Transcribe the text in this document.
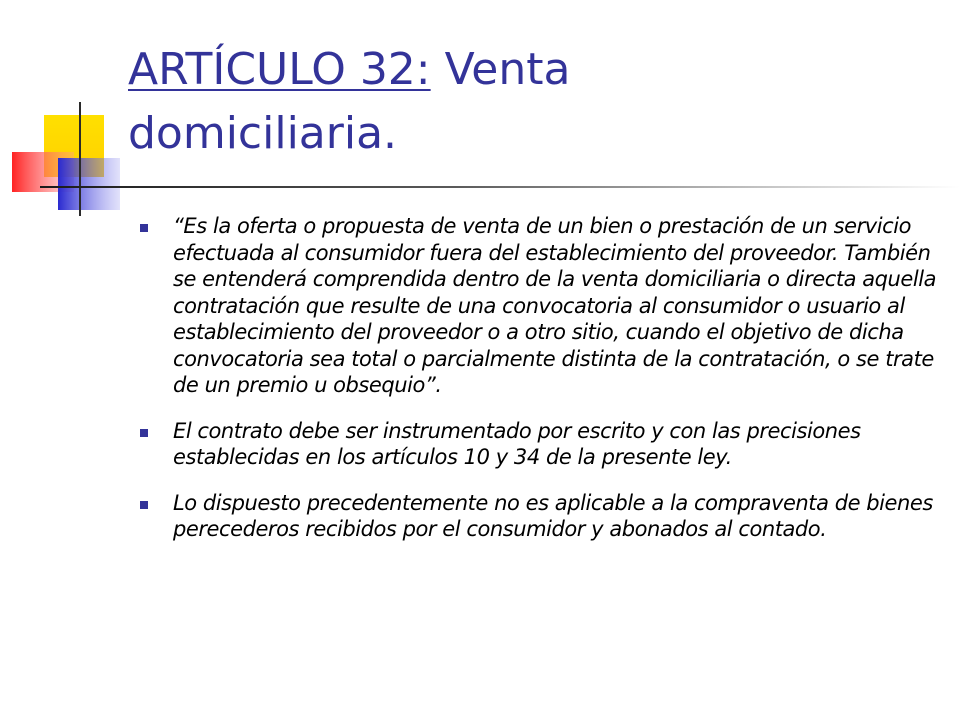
ARTÍCULO 32: Venta
domiciliaria.
“Es la oferta o propuesta de venta de un bien o prestación de un servicio efectuada al consumidor fuera del establecimiento del proveedor. También se entenderá comprendida dentro de la venta domiciliaria o directa aquella contratación que resulte de una convocatoria al consumidor o usuario al establecimiento del proveedor o a otro sitio, cuando el objetivo de dicha convocatoria sea total o parcialmente distinta de la contratación, o se trate de un premio u obsequio”.
El contrato debe ser instrumentado por escrito y con las precisiones establecidas en los artículos 10 y 34 de la presente ley.
Lo dispuesto precedentemente no es aplicable a la compraventa de bienes perecederos recibidos por el consumidor y abonados al contado.
